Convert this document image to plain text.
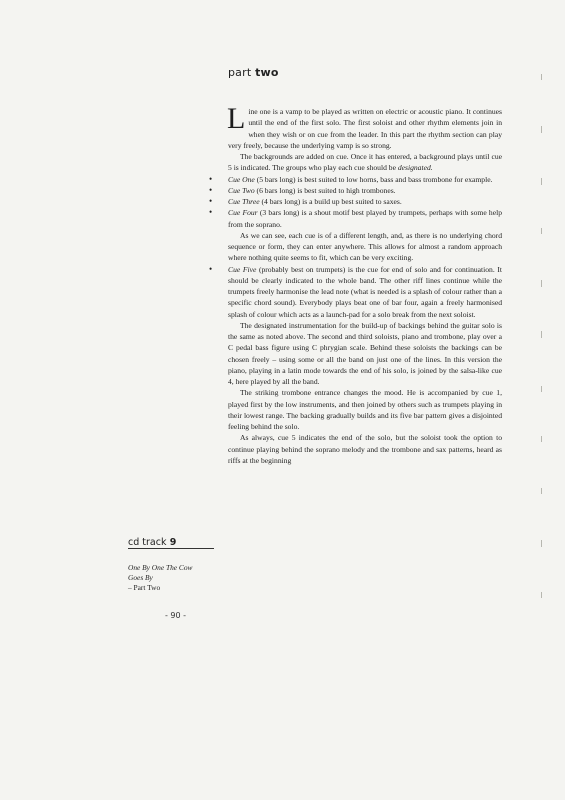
part two

Line one is a vamp to be played as written on electric or acoustic piano. It continues until the end of the first solo. The first soloist and other rhythm elements join in when they wish or on cue from the leader. In this part the rhythm section can play very freely, because the underlying vamp is so strong.

The backgrounds are added on cue. Once it has entered, a background plays until cue 5 is indicated. The groups who play each cue should be designated.

• Cue One (5 bars long) is best suited to low horns, bass and bass trombone for example.

• Cue Two (6 bars long) is best suited to high trombones.

• Cue Three (4 bars long) is a build up best suited to saxes.

• Cue Four (3 bars long) is a shout motif best played by trumpets, perhaps with some help from the soprano.

As we can see, each cue is of a different length, and, as there is no underlying chord sequence or form, they can enter anywhere. This allows for almost a random approach where nothing quite seems to fit, which can be very exciting.

• Cue Five (probably best on trumpets) is the cue for end of solo and for continuation. It should be clearly indicated to the whole band. The other riff lines continue while the trumpets freely harmonise the lead note (what is needed is a splash of colour rather than a specific chord sound). Everybody plays beat one of bar four, again a freely harmonised splash of colour which acts as a launch-pad for a solo break from the next soloist.

The designated instrumentation for the build-up of backings behind the guitar solo is the same as noted above. The second and third soloists, piano and trombone, play over a C pedal bass figure using C phrygian scale. Behind these soloists the backings can be chosen freely – using some or all the band on just one of the lines. In this version the piano, playing in a latin mode towards the end of his solo, is joined by the salsa-like cue 4, here played by all the band.

The striking trombone entrance changes the mood. He is accompanied by cue 1, played first by the low instruments, and then joined by others such as trumpets playing in their lowest range. The backing gradually builds and its five bar pattern gives a disjointed feeling behind the solo.

As always, cue 5 indicates the end of the solo, but the soloist took the option to continue playing behind the soprano melody and the trombone and sax patterns, heard as riffs at the beginning

cd track 9
One By One The Cow
Goes By
– Part Two
- 90 -
